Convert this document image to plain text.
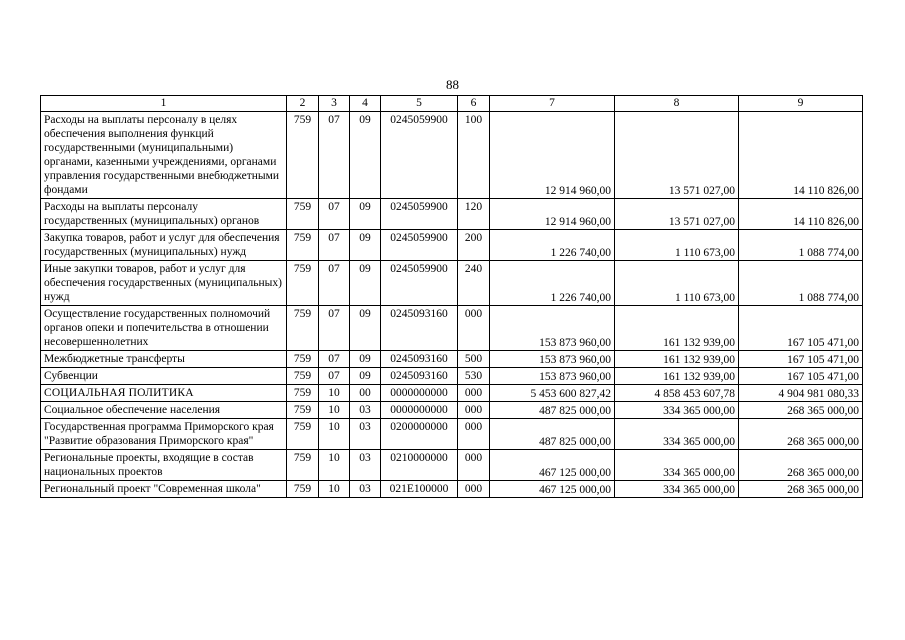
88
1	2	3	4	5	6	7	8	9
Расходы на выплаты персоналу в целях обеспечения выполнения функций государственными (муниципальными) органами, казенными учреждениями, органами управления государственными внебюджетными фондами	759	07	09	0245059900	100	12 914 960,00	13 571 027,00	14 110 826,00
Расходы на выплаты персоналу государственных (муниципальных) органов	759	07	09	0245059900	120	12 914 960,00	13 571 027,00	14 110 826,00
Закупка товаров, работ и услуг для обеспечения государственных (муниципальных) нужд	759	07	09	0245059900	200	1 226 740,00	1 110 673,00	1 088 774,00
Иные закупки товаров, работ и услуг для обеспечения государственных (муниципальных) нужд	759	07	09	0245059900	240	1 226 740,00	1 110 673,00	1 088 774,00
Осуществление государственных полномочий органов опеки и попечительства в отношении несовершеннолетних	759	07	09	0245093160	000	153 873 960,00	161 132 939,00	167 105 471,00
Межбюджетные трансферты	759	07	09	0245093160	500	153 873 960,00	161 132 939,00	167 105 471,00
Субвенции	759	07	09	0245093160	530	153 873 960,00	161 132 939,00	167 105 471,00
СОЦИАЛЬНАЯ ПОЛИТИКА	759	10	00	0000000000	000	5 453 600 827,42	4 858 453 607,78	4 904 981 080,33
Социальное обеспечение населения	759	10	03	0000000000	000	487 825 000,00	334 365 000,00	268 365 000,00
Государственная программа Приморского края "Развитие образования Приморского края"	759	10	03	0200000000	000	487 825 000,00	334 365 000,00	268 365 000,00
Региональные проекты, входящие в состав национальных проектов	759	10	03	0210000000	000	467 125 000,00	334 365 000,00	268 365 000,00
Региональный проект "Современная школа"	759	10	03	021E100000	000	467 125 000,00	334 365 000,00	268 365 000,00
